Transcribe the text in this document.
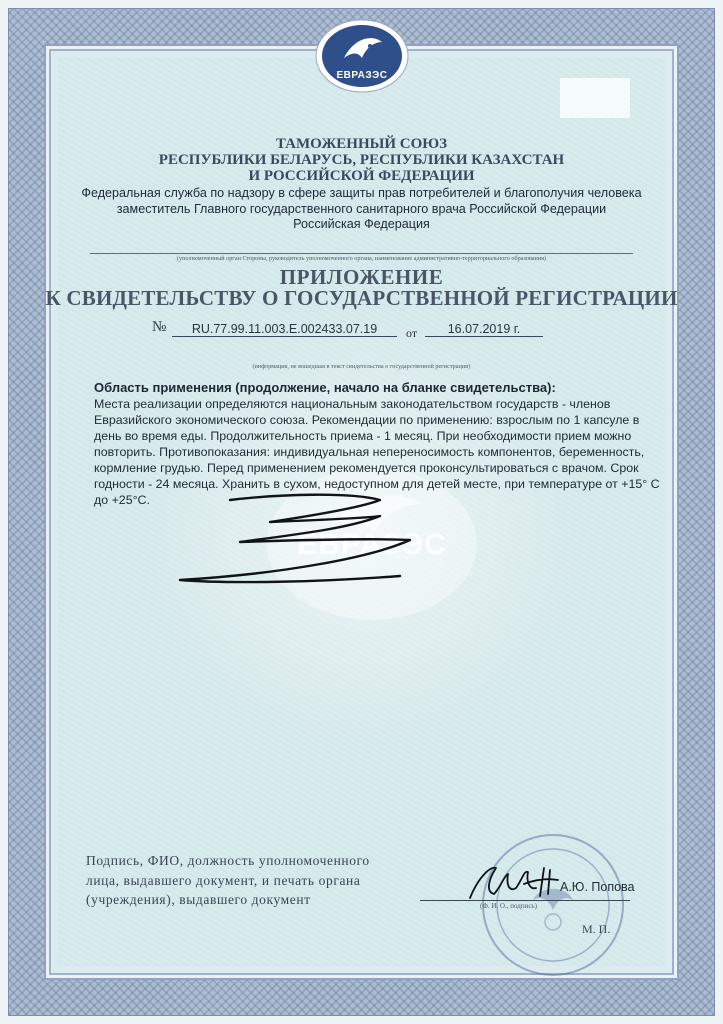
ЕВРАЗЭС
ТАМОЖЕННЫЙ СОЮЗ
РЕСПУБЛИКИ БЕЛАРУСЬ, РЕСПУБЛИКИ КАЗАХСТАН
И РОССИЙСКОЙ ФЕДЕРАЦИИ
Федеральная служба по надзору в сфере защиты прав потребителей и благополучия человека
заместитель Главного государственного санитарного врача Российской Федерации
Российская Федерация
(уполномоченный орган Стороны, руководитель уполномоченного органа, наименование административно-территориального образования)
ПРИЛОЖЕНИЕ
К СВИДЕТЕЛЬСТВУ О ГОСУДАРСТВЕННОЙ РЕГИСТРАЦИИ
№	RU.77.99.11.003.E.002433.07.19	от	16.07.2019 г.
(информация, не вошедшая в текст свидетельства о государственной регистрации)
ЕВРАЗЭС
Область применения (продолжение, начало на бланке свидетельства):
Места реализации определяются национальным законодательством государств - членов
Евразийского экономического союза. Рекомендации по применению: взрослым по 1 капсуле в
день во время еды. Продолжительность приема - 1 месяц. При необходимости прием можно
повторить. Противопоказания: индивидуальная непереносимость компонентов, беременность,
кормление грудью. Перед применением рекомендуется проконсультироваться с врачом. Срок
годности - 24 месяца. Хранить в сухом, недоступном для детей месте, при температуре от +15° С
до +25°С.
Подпись, ФИО, должность уполномоченного
лица, выдавшего документ, и печать органа
(учреждения), выдавшего документ
А.Ю. Попова
(Ф. И. О., подпись)
М. П.
